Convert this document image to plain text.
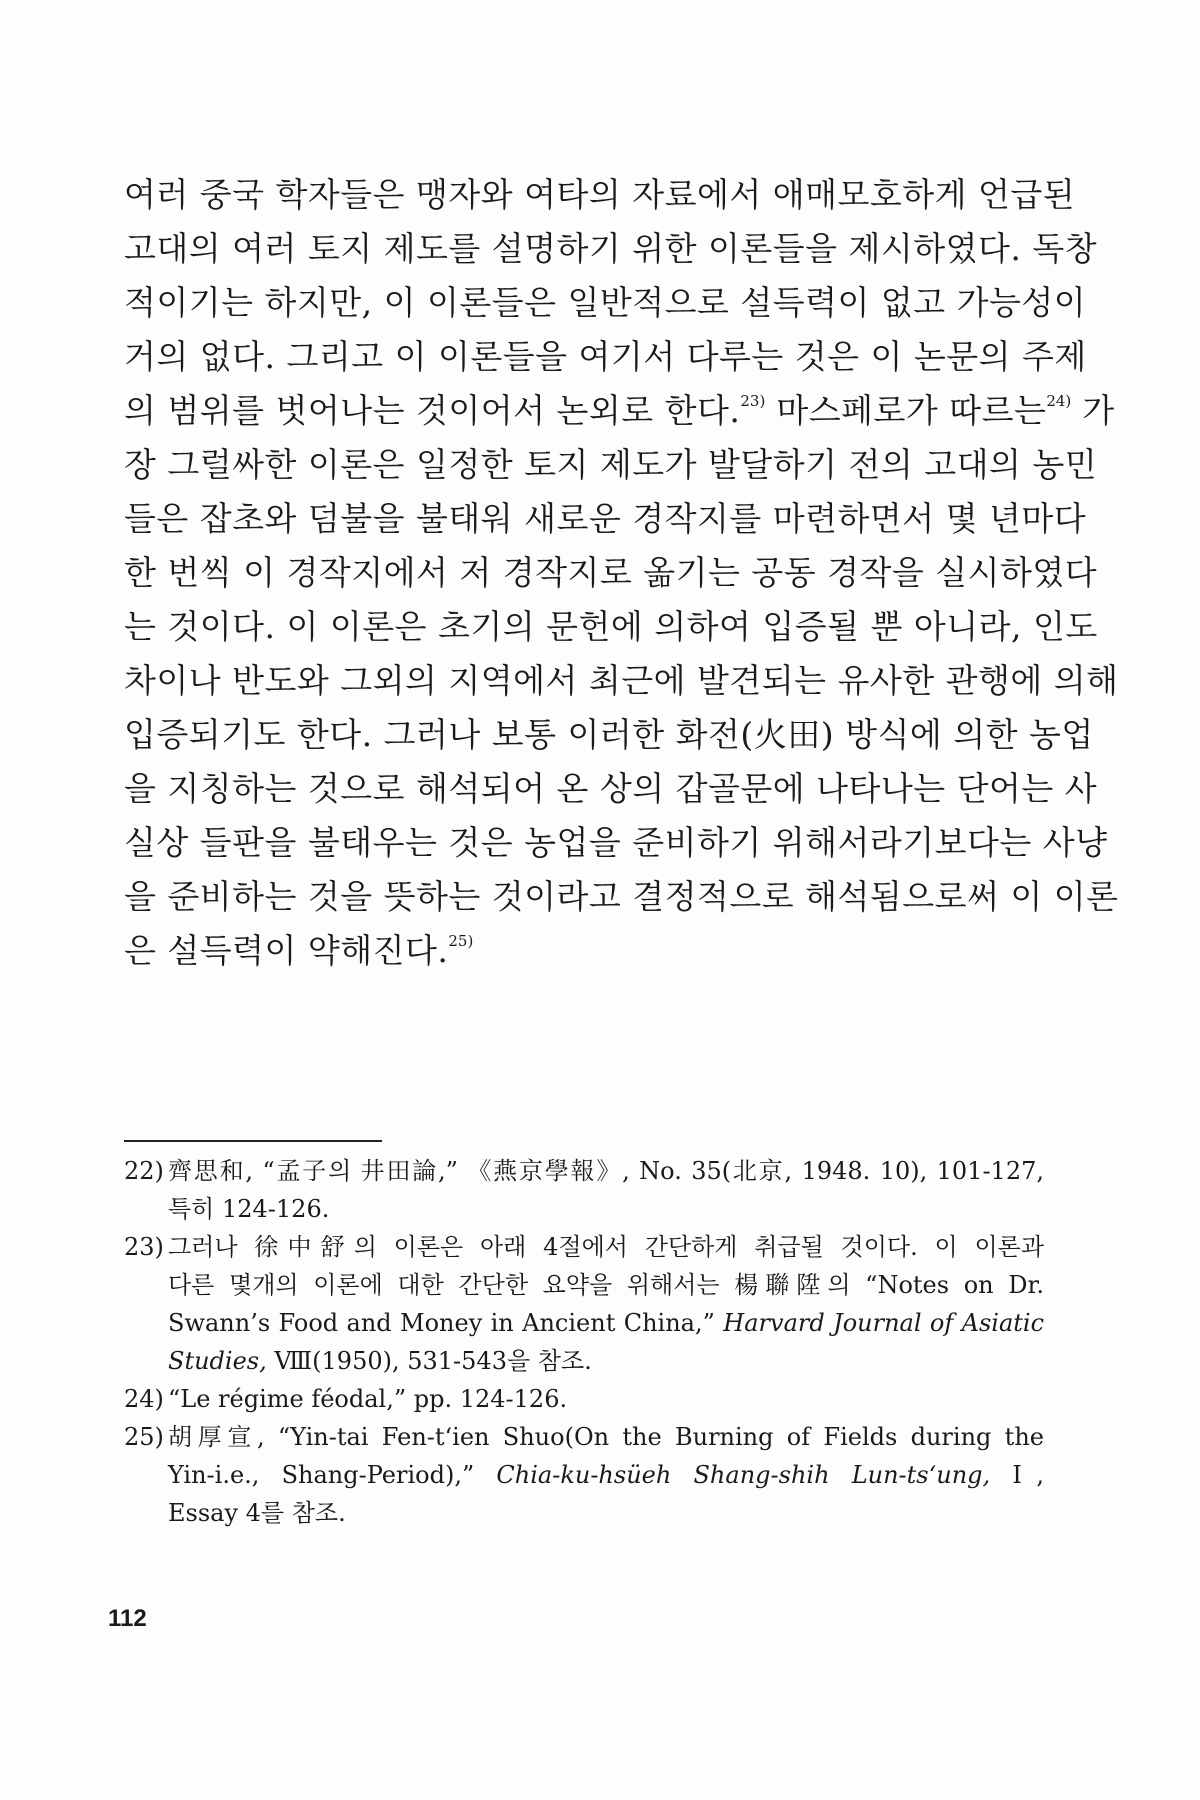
여러 중국 학자들은 맹자와 여타의 자료에서 애매모호하게 언급된
고대의 여러 토지 제도를 설명하기 위한 이론들을 제시하였다. 독창
적이기는 하지만, 이 이론들은 일반적으로 설득력이 없고 가능성이
거의 없다. 그리고 이 이론들을 여기서 다루는 것은 이 논문의 주제
의 범위를 벗어나는 것이어서 논외로 한다.$^{23)}$ 마스페로가 따르는$^{24)}$ 가
장 그럴싸한 이론은 일정한 토지 제도가 발달하기 전의 고대의 농민
들은 잡초와 덤불을 불태워 새로운 경작지를 마련하면서 몇 년마다
한 번씩 이 경작지에서 저 경작지로 옮기는 공동 경작을 실시하였다
는 것이다. 이 이론은 초기의 문헌에 의하여 입증될 뿐 아니라, 인도
차이나 반도와 그외의 지역에서 최근에 발견되는 유사한 관행에 의해
입증되기도 한다. 그러나 보통 이러한 화전(火田) 방식에 의한 농업
을 지칭하는 것으로 해석되어 온 상의 갑골문에 나타나는 단어는 사
실상 들판을 불태우는 것은 농업을 준비하기 위해서라기보다는 사냥
을 준비하는 것을 뜻하는 것이라고 결정적으로 해석됨으로써 이 이론
은 설득력이 약해진다.$^{25)}$
22) 齊思和, “孟子의 井田論,” 《燕京學報》, No. 35(北京, 1948. 10), 101-127,
특히 124-126.
23) 그러나 徐中舒의 이론은 아래 4절에서 간단하게 취급될 것이다. 이 이론과
다른 몇개의 이론에 대한 간단한 요약을 위해서는 楊聯陞의 “Notes on Dr.
Swann’s Food and Money in Ancient China,” Harvard Journal of Asiatic
Studies, Ⅷ(1950), 531-543을 참조.
24) “Le régime féodal,” pp. 124-126.
25) 胡厚宣, “Yin-tai Fen-t‘ien Shuo(On the Burning of Fields during the
Yin-i.e., Shang-Period),” Chia-ku-hsüeh Shang-shih Lun-ts‘ung, Ⅰ,
Essay 4를 참조.
112
